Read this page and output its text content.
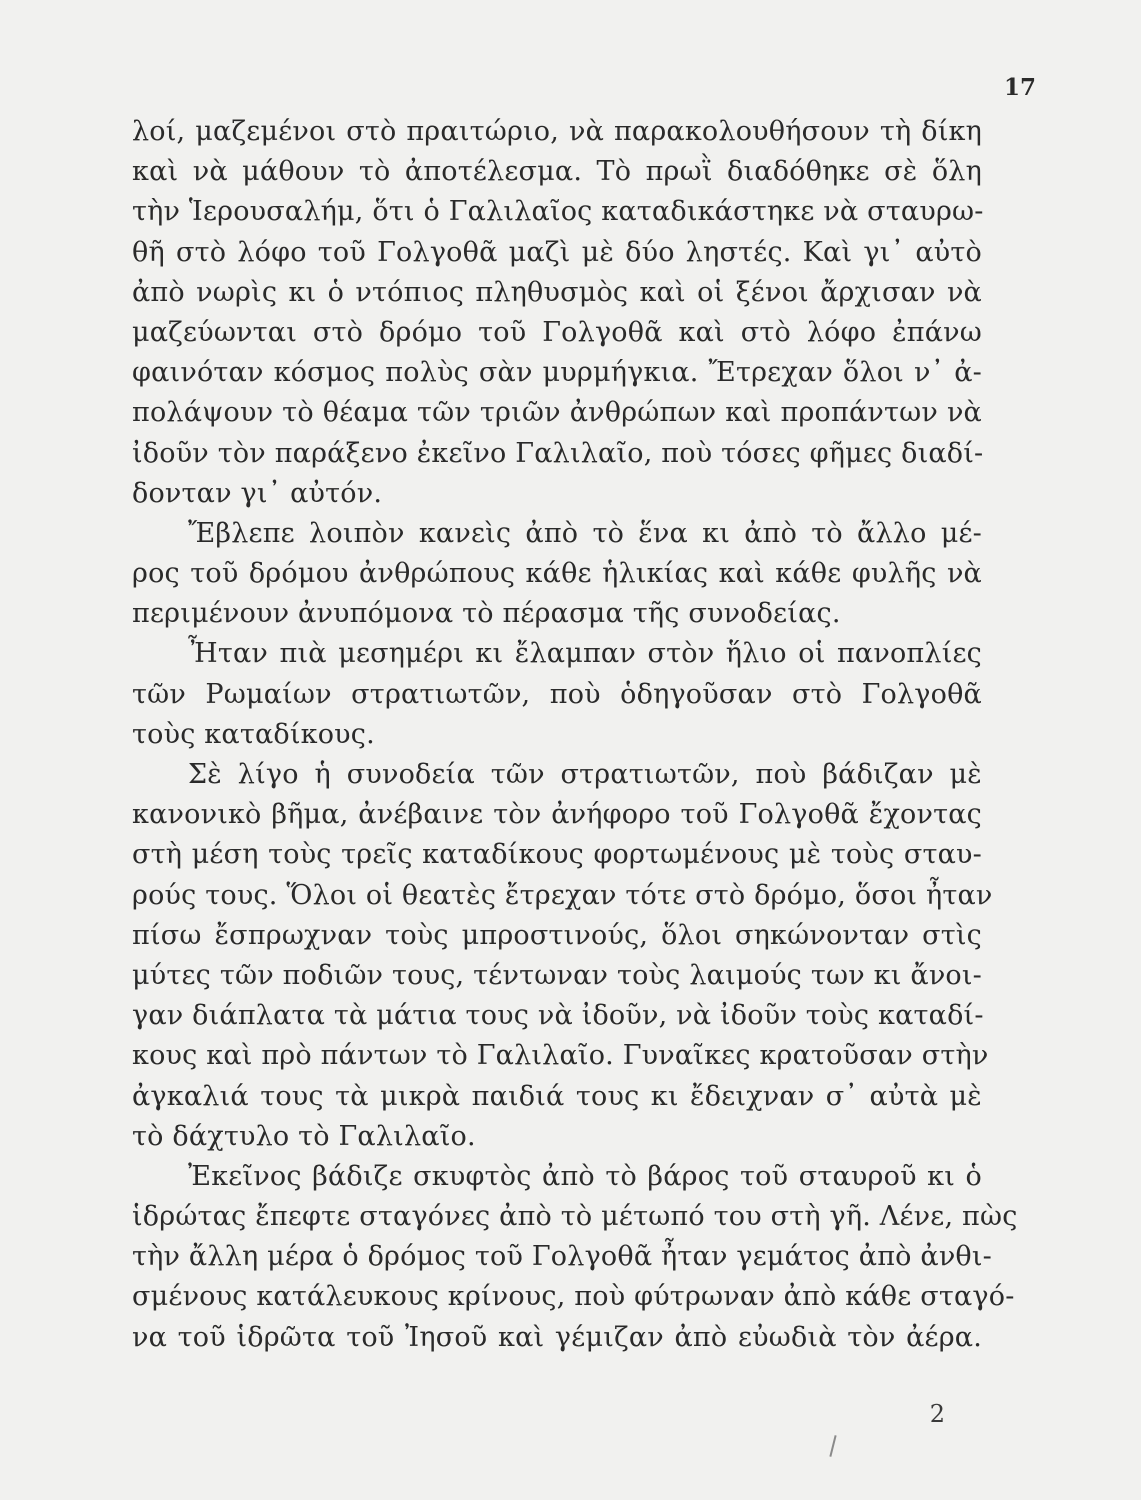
17
λοί, μαζεμένοι στὸ πραιτώριο, νὰ παρακολουθήσουν τὴ δίκη
καὶ νὰ μάθουν τὸ ἀποτέλεσμα. Τὸ πρωῒ διαδόθηκε σὲ ὅλη
τὴν Ἱερουσαλήμ, ὅτι ὁ Γαλιλαῖος καταδικάστηκε νὰ σταυρω-
θῆ στὸ λόφο τοῦ Γολγοθᾶ μαζὶ μὲ δύο ληστές. Καὶ γι᾽ αὐτὸ
ἀπὸ νωρὶς κι ὁ ντόπιος πληθυσμὸς καὶ οἱ ξένοι ἄρχισαν νὰ
μαζεύωνται στὸ δρόμο τοῦ Γολγοθᾶ καὶ στὸ λόφο ἐπάνω
φαινόταν κόσμος πολὺς σὰν μυρμήγκια. Ἔτρεχαν ὅλοι ν᾽ ἀ-
πολάψουν τὸ θέαμα τῶν τριῶν ἀνθρώπων καὶ προπάντων νὰ
ἰδοῦν τὸν παράξενο ἐκεῖνο Γαλιλαῖο, ποὺ τόσες φῆμες διαδί-
δονταν γι᾽ αὐτόν.
Ἔβλεπε λοιπὸν κανεὶς ἀπὸ τὸ ἕνα κι ἀπὸ τὸ ἄλλο μέ-
ρος τοῦ δρόμου ἀνθρώπους κάθε ἡλικίας καὶ κάθε φυλῆς νὰ
περιμένουν ἀνυπόμονα τὸ πέρασμα τῆς συνοδείας.
Ἦταν πιὰ μεσημέρι κι ἔλαμπαν στὸν ἥλιο οἱ πανοπλίες
τῶν Ρωμαίων στρατιωτῶν, ποὺ ὁδηγοῦσαν στὸ Γολγοθᾶ
τοὺς καταδίκους.
Σὲ λίγο ἡ συνοδεία τῶν στρατιωτῶν, ποὺ βάδιζαν μὲ
κανονικὸ βῆμα, ἀνέβαινε τὸν ἀνήφορο τοῦ Γολγοθᾶ ἔχοντας
στὴ μέση τοὺς τρεῖς καταδίκους φορτωμένους μὲ τοὺς σταυ-
ρούς τους. Ὅλοι οἱ θεατὲς ἔτρεχαν τότε στὸ δρόμο, ὅσοι ἦταν
πίσω ἔσπρωχναν τοὺς μπροστινούς, ὅλοι σηκώνονταν στὶς
μύτες τῶν ποδιῶν τους, τέντωναν τοὺς λαιμούς των κι ἄνοι-
γαν διάπλατα τὰ μάτια τους νὰ ἰδοῦν, νὰ ἰδοῦν τοὺς καταδί-
κους καὶ πρὸ πάντων τὸ Γαλιλαῖο. Γυναῖκες κρατοῦσαν στὴν
ἀγκαλιά τους τὰ μικρὰ παιδιά τους κι ἔδειχναν σ᾽ αὐτὰ μὲ
τὸ δάχτυλο τὸ Γαλιλαῖο.
Ἐκεῖνος βάδιζε σκυφτὸς ἀπὸ τὸ βάρος τοῦ σταυροῦ κι ὁ
ἱδρώτας ἔπεφτε σταγόνες ἀπὸ τὸ μέτωπό του στὴ γῆ. Λένε, πὼς
τὴν ἄλλη μέρα ὁ δρόμος τοῦ Γολγοθᾶ ἦταν γεμάτος ἀπὸ ἀνθι-
σμένους κατάλευκους κρίνους, ποὺ φύτρωναν ἀπὸ κάθε σταγό-
να τοῦ ἱδρῶτα τοῦ Ἰησοῦ καὶ γέμιζαν ἀπὸ εὐωδιὰ τὸν ἀέρα.
2
